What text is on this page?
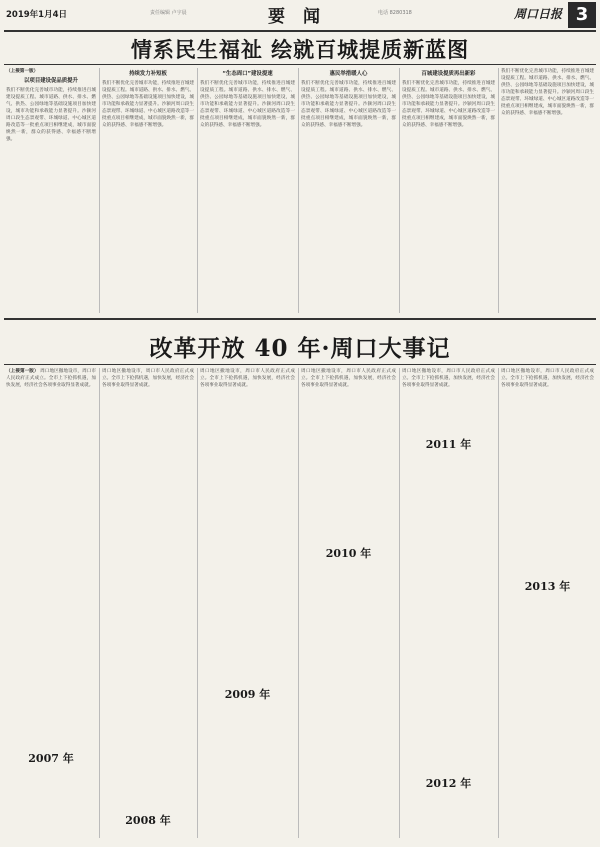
2019年1月4日	责任编辑 卢宇晨	要 闻	电话 8280318	周口日报 3
情系民生福祉 绘就百城提质新蓝图
（上接第一版）
以项目建设促品质提升
我们不断优化完善城市功能，持续推进百城建设提质工程。城市道路、供水、排水、燃气、供热、公园绿地等基础设施项目加快建设，城市功能和承载能力显著提升。沙颍河周口段生态景观带、环城绿道、中心城区道路改造等一批重点项目相继建成，城市面貌焕然一新，群众的获得感、幸福感不断增强。
持续发力补短板
我们不断优化完善城市功能，持续推进百城建设提质工程。城市道路、供水、排水、燃气、供热、公园绿地等基础设施项目加快建设，城市功能和承载能力显著提升。沙颍河周口段生态景观带、环城绿道、中心城区道路改造等一批重点项目相继建成，城市面貌焕然一新，群众的获得感、幸福感不断增强。
“生态周口”建设提速
我们不断优化完善城市功能，持续推进百城建设提质工程。城市道路、供水、排水、燃气、供热、公园绿地等基础设施项目加快建设，城市功能和承载能力显著提升。沙颍河周口段生态景观带、环城绿道、中心城区道路改造等一批重点项目相继建成，城市面貌焕然一新，群众的获得感、幸福感不断增强。
惠民举措暖人心
我们不断优化完善城市功能，持续推进百城建设提质工程。城市道路、供水、排水、燃气、供热、公园绿地等基础设施项目加快建设，城市功能和承载能力显著提升。沙颍河周口段生态景观带、环城绿道、中心城区道路改造等一批重点项目相继建成，城市面貌焕然一新，群众的获得感、幸福感不断增强。
百城建设提质再出新彩
我们不断优化完善城市功能，持续推进百城建设提质工程。城市道路、供水、排水、燃气、供热、公园绿地等基础设施项目加快建设，城市功能和承载能力显著提升。沙颍河周口段生态景观带、环城绿道、中心城区道路改造等一批重点项目相继建成，城市面貌焕然一新，群众的获得感、幸福感不断增强。
我们不断优化完善城市功能，持续推进百城建设提质工程。城市道路、供水、排水、燃气、供热、公园绿地等基础设施项目加快建设，城市功能和承载能力显著提升。沙颍河周口段生态景观带、环城绿道、中心城区道路改造等一批重点项目相继建成，城市面貌焕然一新，群众的获得感、幸福感不断增强。
改革开放 40 年·周口大事记
（上接第一版） 周口地区撤地设市，周口市人民政府正式成立。全市上下抢抓机遇，加快发展，经济社会各项事业取得显著成就。
2007 年
周口地区撤地设市，周口市人民政府正式成立。全市上下抢抓机遇，加快发展，经济社会各项事业取得显著成就。
2008 年
周口地区撤地设市，周口市人民政府正式成立。全市上下抢抓机遇，加快发展，经济社会各项事业取得显著成就。
2009 年
周口地区撤地设市，周口市人民政府正式成立。全市上下抢抓机遇，加快发展，经济社会各项事业取得显著成就。
2010 年
周口地区撤地设市，周口市人民政府正式成立。全市上下抢抓机遇，加快发展，经济社会各项事业取得显著成就。
2011 年
2012 年
周口地区撤地设市，周口市人民政府正式成立。全市上下抢抓机遇，加快发展，经济社会各项事业取得显著成就。
2013 年
